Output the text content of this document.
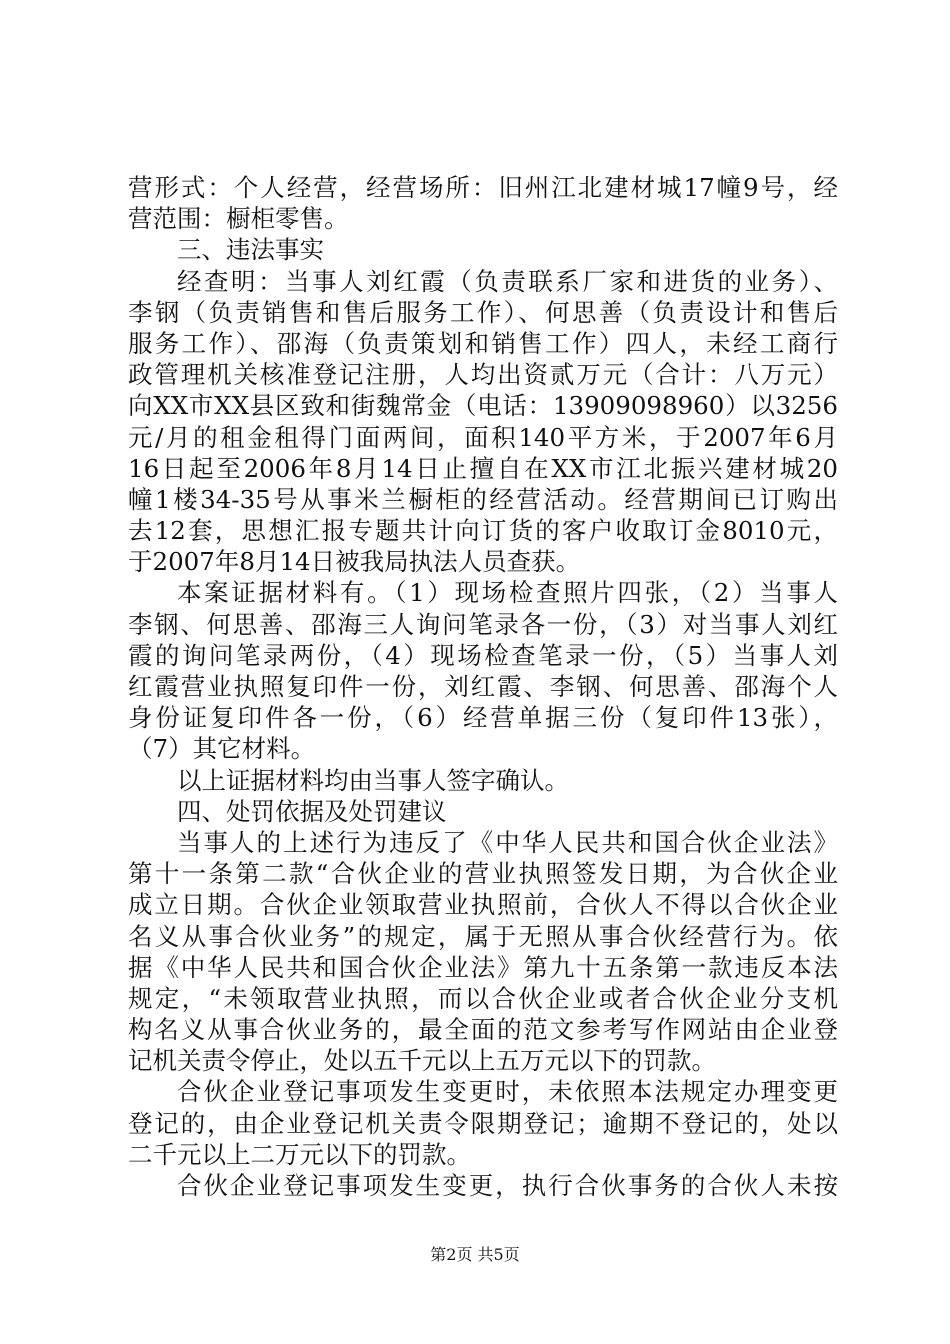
营形式：个人经营，经营场所：旧州江北建材城17幢9号，经
营范围：橱柜零售。
三、违法事实
经查明：当事人刘红霞（负责联系厂家和进货的业务）、
李钢（负责销售和售后服务工作）、何思善（负责设计和售后
服务工作）、邵海（负责策划和销售工作）四人，未经工商行
政管理机关核准登记注册，人均出资贰万元（合计：八万元）
向XX市XX县区致和街魏常金（电话：13909098960）以3256
元/月的租金租得门面两间，面积140平方米，于2007年6月
16日起至2006年8月14日止擅自在XX市江北振兴建材城20
幢1楼34-35号从事米兰橱柜的经营活动。经营期间已订购出
去12套，思想汇报专题共计向订货的客户收取订金8010元，
于2007年8月14日被我局执法人员查获。
本案证据材料有。（1）现场检查照片四张，（2）当事人
李钢、何思善、邵海三人询问笔录各一份，（3）对当事人刘红
霞的询问笔录两份，（4）现场检查笔录一份，（5）当事人刘
红霞营业执照复印件一份，刘红霞、李钢、何思善、邵海个人
身份证复印件各一份，（6）经营单据三份（复印件13张），
（7）其它材料。
以上证据材料均由当事人签字确认。
四、处罚依据及处罚建议
当事人的上述行为违反了《中华人民共和国合伙企业法》
第十一条第二款“合伙企业的营业执照签发日期，为合伙企业
成立日期。合伙企业领取营业执照前，合伙人不得以合伙企业
名义从事合伙业务”的规定，属于无照从事合伙经营行为。依
据《中华人民共和国合伙企业法》第九十五条第一款违反本法
规定，“未领取营业执照，而以合伙企业或者合伙企业分支机
构名义从事合伙业务的，最全面的范文参考写作网站由企业登
记机关责令停止，处以五千元以上五万元以下的罚款。
合伙企业登记事项发生变更时，未依照本法规定办理变更
登记的，由企业登记机关责令限期登记；逾期不登记的，处以
二千元以上二万元以下的罚款。
合伙企业登记事项发生变更，执行合伙事务的合伙人未按
第2页 共5页
